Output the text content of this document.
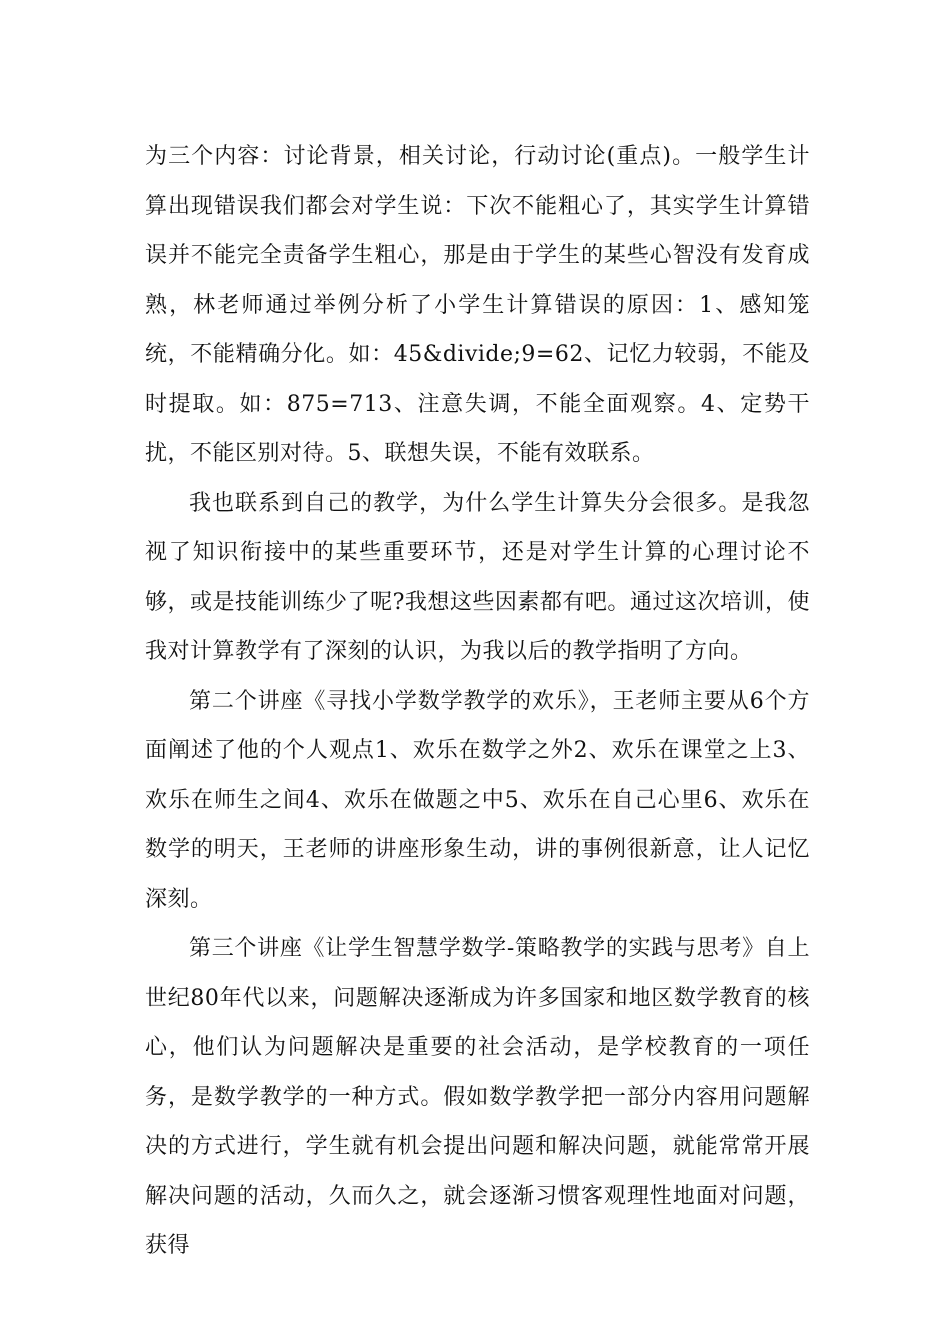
为三个内容：讨论背景，相关讨论，行动讨论(重点)。一般学生计算出现错误我们都会对学生说：下次不能粗心了，其实学生计算错误并不能完全责备学生粗心，那是由于学生的某些心智没有发育成熟，林老师通过举例分析了小学生计算错误的原因：1、感知笼统，不能精确分化。如：45&divide;9=62、记忆力较弱，不能及时提取。如：875=713、注意失调，不能全面观察。4、定势干扰，不能区别对待。5、联想失误，不能有效联系。

我也联系到自己的教学，为什么学生计算失分会很多。是我忽视了知识衔接中的某些重要环节，还是对学生计算的心理讨论不够，或是技能训练少了呢?我想这些因素都有吧。通过这次培训，使我对计算教学有了深刻的认识，为我以后的教学指明了方向。

第二个讲座《寻找小学数学教学的欢乐》，王老师主要从6个方面阐述了他的个人观点1、欢乐在数学之外2、欢乐在课堂之上3、欢乐在师生之间4、欢乐在做题之中5、欢乐在自己心里6、欢乐在数学的明天，王老师的讲座形象生动，讲的事例很新意，让人记忆深刻。

第三个讲座《让学生智慧学数学-策略教学的实践与思考》自上世纪80年代以来，问题解决逐渐成为许多国家和地区数学教育的核心，他们认为问题解决是重要的社会活动，是学校教育的一项任务，是数学教学的一种方式。假如数学教学把一部分内容用问题解决的方式进行，学生就有机会提出问题和解决问题，就能常常开展解决问题的活动，久而久之，就会逐渐习惯客观理性地面对问题，获得
